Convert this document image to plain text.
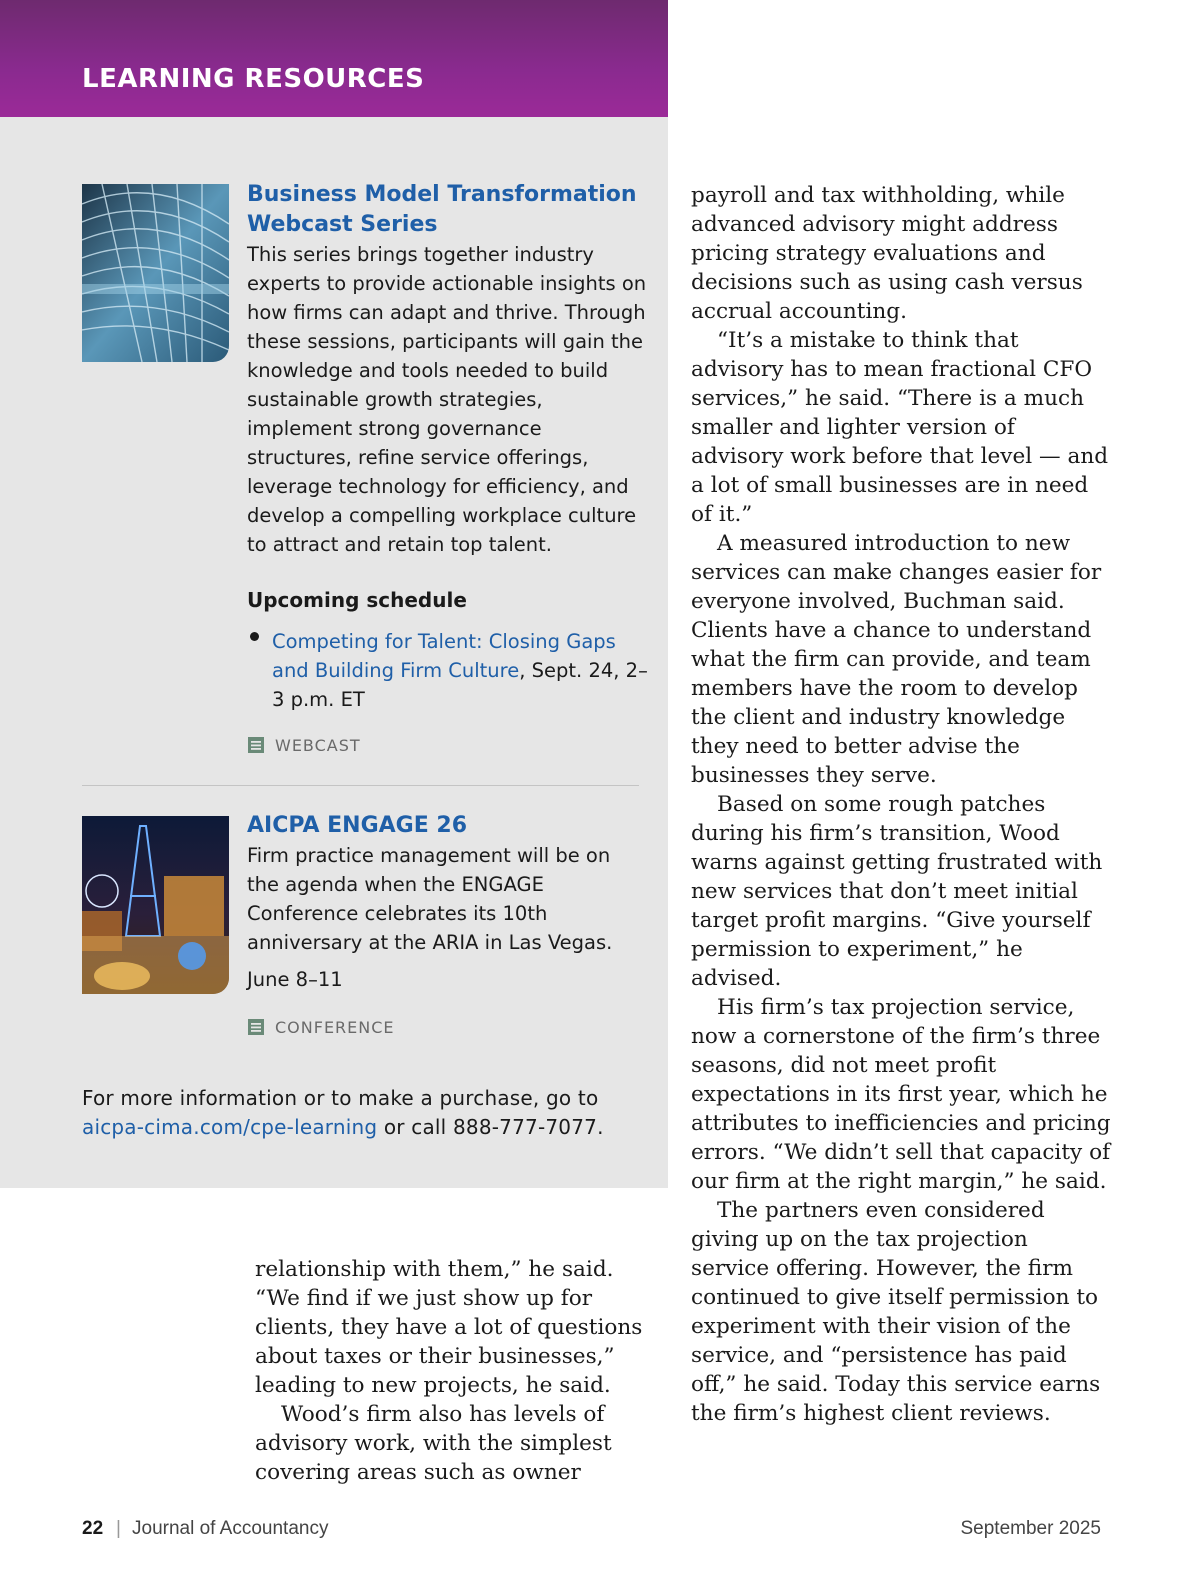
LEARNING RESOURCES
Business Model Transformation Webcast Series
This series brings together industry experts to provide actionable insights on how firms can adapt and thrive. Through these sessions, participants will gain the knowledge and tools needed to build sustainable growth strategies, implement strong governance structures, refine service offerings, leverage technology for efficiency, and develop a compelling workplace culture to attract and retain top talent.
Upcoming schedule
Competing for Talent: Closing Gaps and Building Firm Culture, Sept. 24, 2–3 p.m. ET
WEBCAST
AICPA ENGAGE 26
Firm practice management will be on the agenda when the ENGAGE Conference celebrates its 10th anniversary at the ARIA in Las Vegas.
June 8–11
CONFERENCE
For more information or to make a purchase, go to
aicpa-cima.com/cpe-learning or call 888-777-7077.

relationship with them,” he said. “We find if we just show up for clients, they have a lot of questions about taxes or their businesses,” leading to new projects, he said.

Wood’s firm also has levels of advisory work, with the simplest covering areas such as owner

payroll and tax withholding, while advanced advisory might address pricing strategy evaluations and decisions such as using cash versus accrual accounting.

“It’s a mistake to think that advisory has to mean fractional CFO services,” he said. “There is a much smaller and lighter version of advisory work before that level — and a lot of small businesses are in need of it.”

A measured introduction to new services can make changes easier for everyone involved, Buchman said. Clients have a chance to understand what the firm can provide, and team members have the room to develop the client and industry knowledge they need to better advise the businesses they serve.

Based on some rough patches during his firm’s transition, Wood warns against getting frustrated with new services that don’t meet initial target profit margins. “Give yourself permission to experiment,” he advised.

His firm’s tax projection service, now a cornerstone of the firm’s three seasons, did not meet profit expectations in its first year, which he attributes to inefficiencies and pricing errors. “We didn’t sell that capacity of our firm at the right margin,” he said.

The partners even considered giving up on the tax projection service offering. However, the firm continued to give itself permission to experiment with their vision of the service, and “persistence has paid off,” he said. Today this service earns the firm’s highest client reviews.

22 | Journal of Accountancy	September 2025
